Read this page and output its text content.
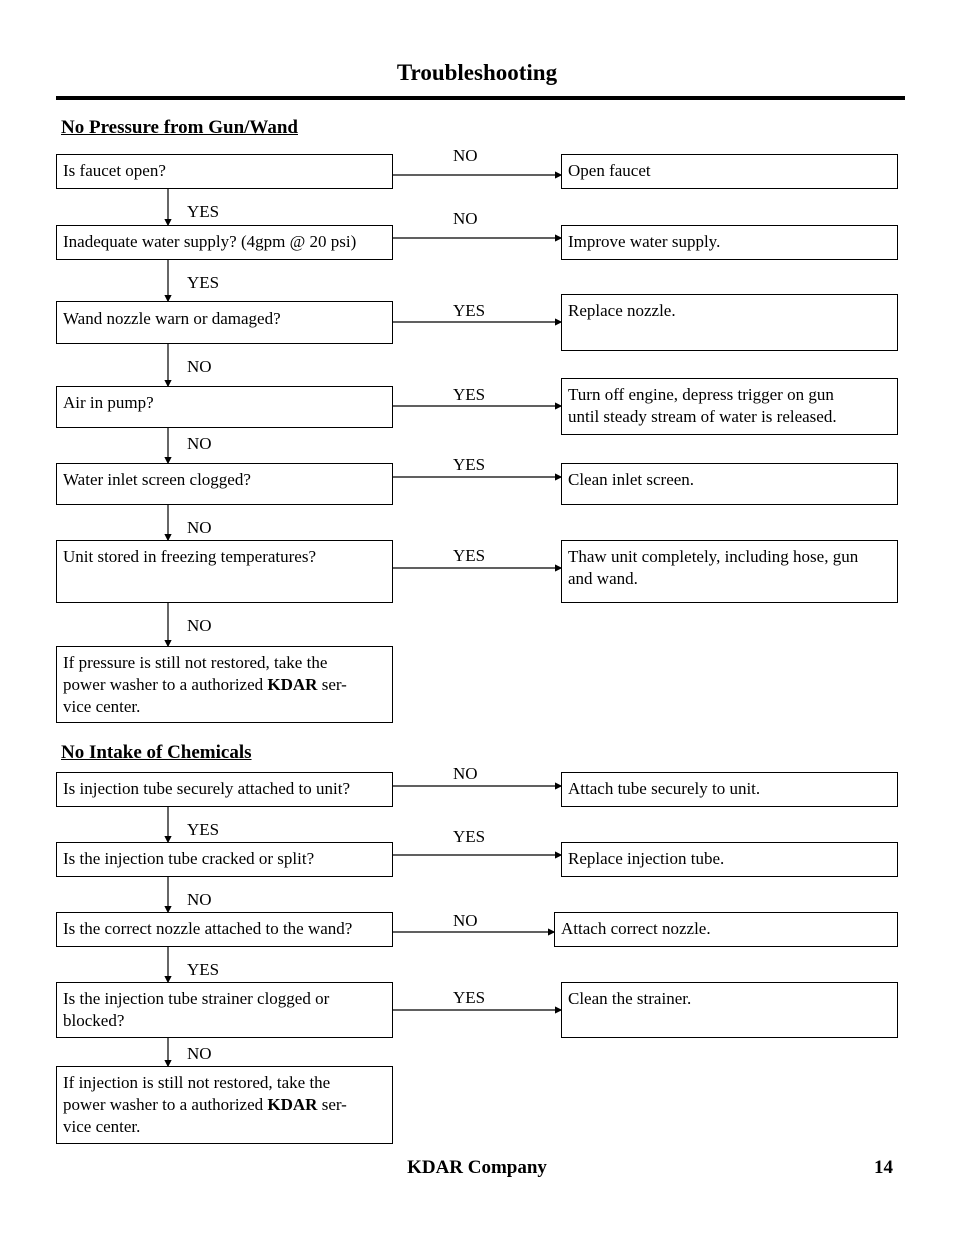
Troubleshooting
No Pressure from Gun/Wand
Is faucet open?
NO
Open faucet
YES
Inadequate water supply? (4gpm @ 20 psi)
NO
Improve water supply.
YES
Wand nozzle warn or damaged?	YES	Replace nozzle.
NO
Air in pump?	YES	Turn off engine, depress trigger on gun
until steady stream of water is released.
NO
Water inlet screen clogged?
YES
Clean inlet screen.
NO
Unit stored in freezing temperatures?	YES	Thaw unit completely, including hose, gun
and wand.
NO
If pressure is still not restored, take the
power washer to a authorized KDAR ser-
vice center.
No Intake of Chemicals
Is injection tube securely attached to unit?
NO
Attach tube securely to unit.
YES
Is the injection tube cracked or split?
YES
Replace injection tube.
NO
Is the correct nozzle attached to the wand?	NO	Attach correct nozzle.
YES
Is the injection tube strainer clogged or
blocked?
YES	Clean the strainer.
NO
If injection is still not restored, take the
power washer to a authorized KDAR ser-
vice center.
KDAR Company	14
